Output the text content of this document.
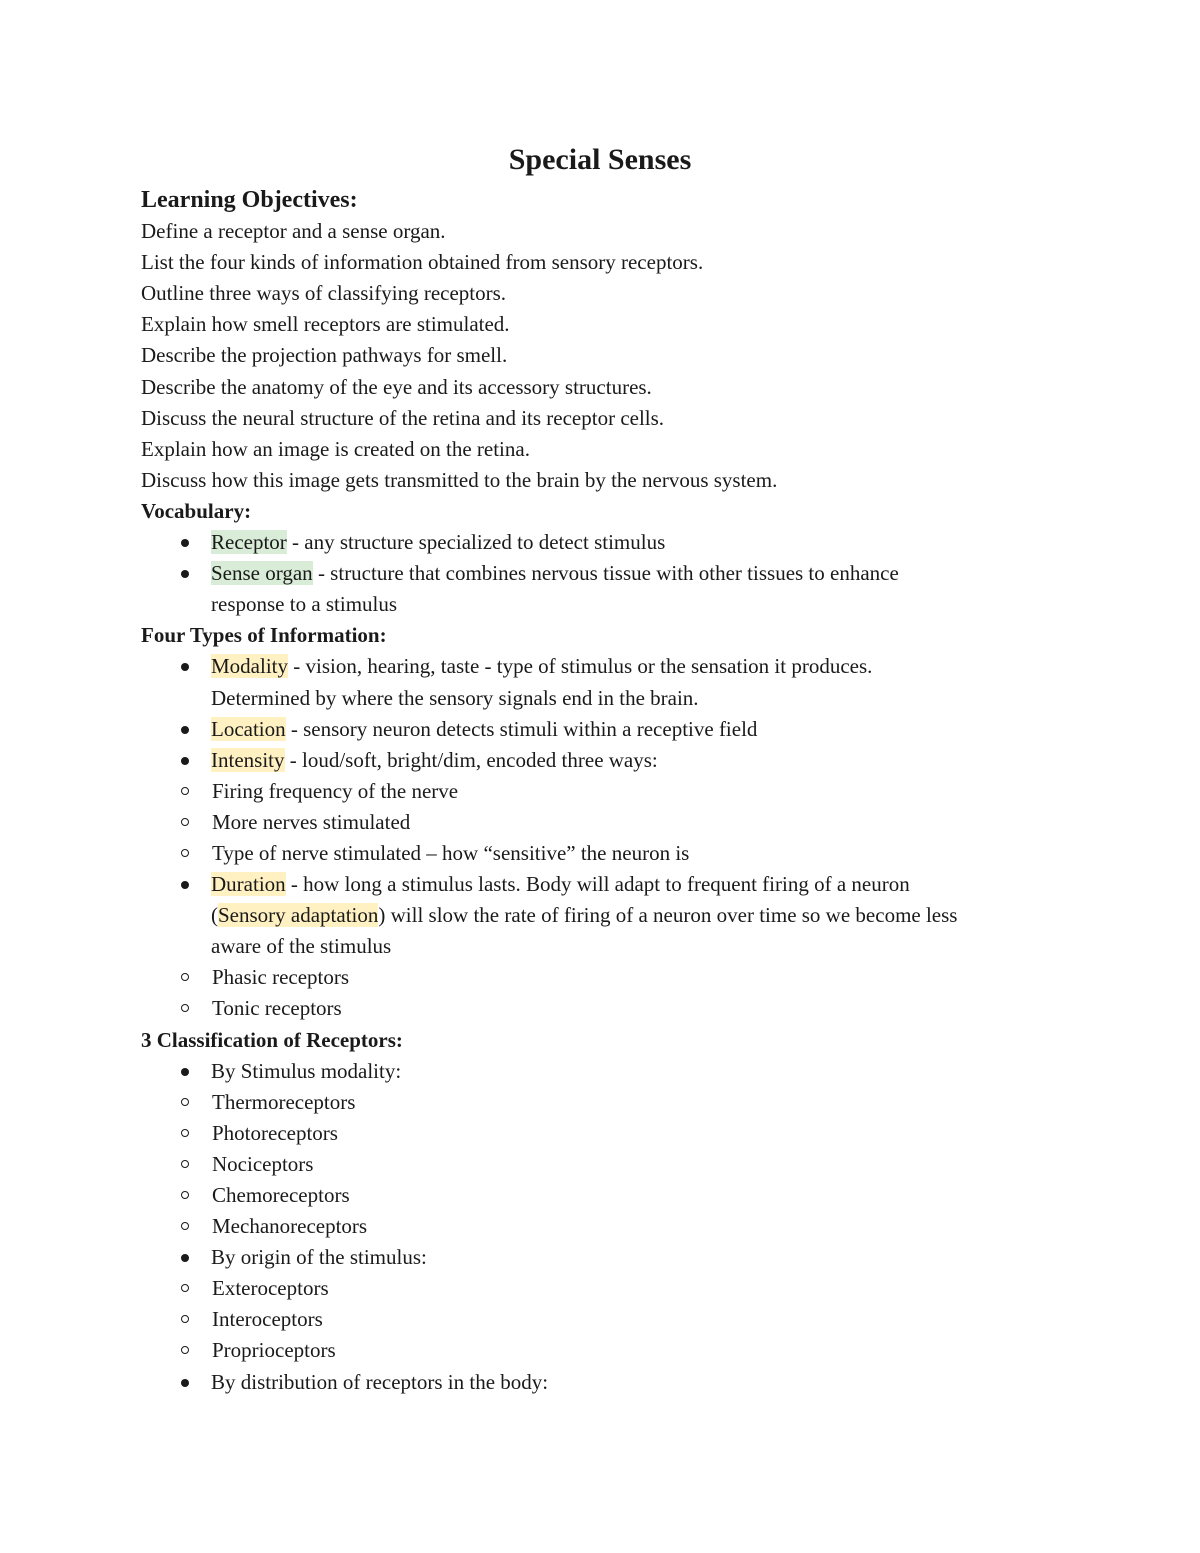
Special Senses

Learning Objectives:

Define a receptor and a sense organ.

List the four kinds of information obtained from sensory receptors.

Outline three ways of classifying receptors.

Explain how smell receptors are stimulated.

Describe the projection pathways for smell.

Describe the anatomy of the eye and its accessory structures.

Discuss the neural structure of the retina and its receptor cells.

Explain how an image is created on the retina.

Discuss how this image gets transmitted to the brain by the nervous system.

Vocabulary:

Receptor - any structure specialized to detect stimulus
Sense organ - structure that combines nervous tissue with other tissues to enhance
response to a stimulus

Four Types of Information:

Modality - vision, hearing, taste - type of stimulus or the sensation it produces.
Determined by where the sensory signals end in the brain.
Location - sensory neuron detects stimuli within a receptive field
Intensity - loud/soft, bright/dim, encoded three ways:
Firing frequency of the nerve
More nerves stimulated
Type of nerve stimulated – how “sensitive” the neuron is
Duration - how long a stimulus lasts. Body will adapt to frequent firing of a neuron
(Sensory adaptation) will slow the rate of firing of a neuron over time so we become less
aware of the stimulus
Phasic receptors
Tonic receptors

3 Classification of Receptors:

By Stimulus modality:
Thermoreceptors
Photoreceptors
Nociceptors
Chemoreceptors
Mechanoreceptors
By origin of the stimulus:
Exteroceptors
Interoceptors
Proprioceptors
By distribution of receptors in the body:
